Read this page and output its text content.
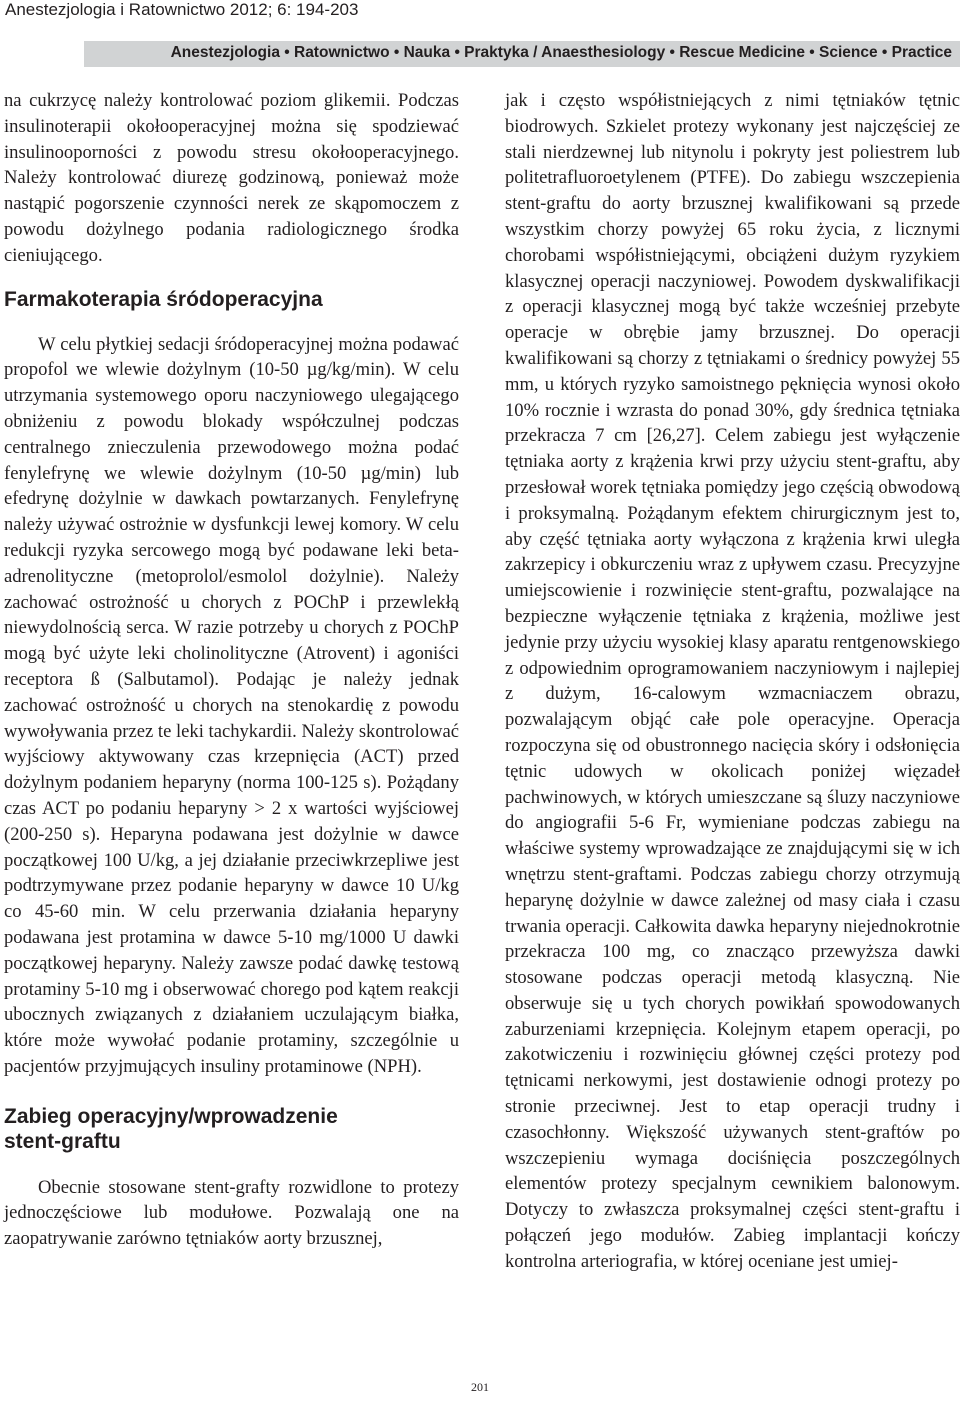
Anestezjologia i Ratownictwo 2012; 6: 194-203
Anestezjologia • Ratownictwo • Nauka • Praktyka / Anaesthesiology • Rescue Medicine • Science • Practice

na cukrzycę należy kontrolować poziom glikemii. Podczas insulinoterapii okołooperacyjnej można się spodziewać insulinooporności z powodu stresu okołooperacyjnego. Należy kontrolować diurezę godzinową, ponieważ może nastąpić pogorszenie czynności nerek ze skąpomoczem z powodu dożylnego podania radiologicznego środka cieniującego.

Farmakoterapia śródoperacyjna

W celu płytkiej sedacji śródoperacyjnej można podawać propofol we wlewie dożylnym (10-50 µg/kg/min). W celu utrzymania systemowego oporu naczyniowego ulegającego obniżeniu z powodu blokady współczulnej podczas centralnego znieczulenia przewodowego można podać fenylefrynę we wlewie dożylnym (10-50 µg/min) lub efedrynę dożylnie w dawkach powtarzanych. Fenylefrynę należy używać ostrożnie w dysfunkcji lewej komory. W celu redukcji ryzyka sercowego mogą być podawane leki beta-adrenolityczne (metoprolol/esmolol dożylnie). Należy zachować ostrożność u chorych z POChP i przewlekłą niewydolnością serca. W razie potrzeby u chorych z POChP mogą być użyte leki cholinolityczne (Atrovent) i agoniści receptora ß (Salbutamol). Podając je należy jednak zachować ostrożność u chorych na stenokardię z powodu wywoływania przez te leki tachykardii. Należy skontrolować wyjściowy aktywowany czas krzepnięcia (ACT) przed dożylnym podaniem heparyny (norma 100-125 s). Pożądany czas ACT po podaniu heparyny > 2 x wartości wyjściowej (200-250 s). Heparyna podawana jest dożylnie w dawce początkowej 100 U/kg, a jej działanie przeciwkrzepliwe jest podtrzymywane przez podanie heparyny w dawce 10 U/kg co 45-60 min. W celu przerwania działania heparyny podawana jest protamina w dawce 5-10 mg/1000 U dawki początkowej heparyny. Należy zawsze podać dawkę testową protaminy 5-10 mg i obserwować chorego pod kątem reakcji ubocznych związanych z działaniem uczulającym białka, które może wywołać podanie protaminy, szczególnie u pacjentów przyjmujących insuliny protaminowe (NPH).

Zabieg operacyjny/wprowadzenie
stent-graftu

Obecnie stosowane stent-grafty rozwidlone to protezy jednoczęściowe lub modułowe. Pozwalają one na zaopatrywanie zarówno tętniaków aorty brzusznej,

jak i często współistniejących z nimi tętniaków tętnic biodrowych. Szkielet protezy wykonany jest najczęściej ze stali nierdzewnej lub nitynolu i pokryty jest poliestrem lub politetrafluoroetylenem (PTFE). Do zabiegu wszczepienia stent-graftu do aorty brzusznej kwalifikowani są przede wszystkim chorzy powyżej 65 roku życia, z licznymi chorobami współistniejącymi, obciążeni dużym ryzykiem klasycznej operacji naczyniowej. Powodem dyskwalifikacji z operacji klasycznej mogą być także wcześniej przebyte operacje w obrębie jamy brzusznej. Do operacji kwalifikowani są chorzy z tętniakami o średnicy powyżej 55 mm, u których ryzyko samoistnego pęknięcia wynosi około 10% rocznie i wzrasta do ponad 30%, gdy średnica tętniaka przekracza 7 cm [26,27]. Celem zabiegu jest wyłączenie tętniaka aorty z krążenia krwi przy użyciu stent-graftu, aby przesłował worek tętniaka pomiędzy jego częścią obwodową i proksymalną. Pożądanym efektem chirurgicznym jest to, aby część tętniaka aorty wyłączona z krążenia krwi uległa zakrzepicy i obkurczeniu wraz z upływem czasu. Precyzyjne umiejscowienie i rozwinięcie stent-graftu, pozwalające na bezpieczne wyłączenie tętniaka z krążenia, możliwe jest jedynie przy użyciu wysokiej klasy aparatu rentgenowskiego z odpowiednim oprogramowaniem naczyniowym i najlepiej z dużym, 16-calowym wzmacniaczem obrazu, pozwalającym objąć całe pole operacyjne. Operacja rozpoczyna się od obustronnego nacięcia skóry i odsłonięcia tętnic udowych w okolicach poniżej więzadeł pachwinowych, w których umieszczane są śluzy naczyniowe do angiografii 5-6 Fr, wymieniane podczas zabiegu na właściwe systemy wprowadzające ze znajdującymi się w ich wnętrzu stent-graftami. Podczas zabiegu chorzy otrzymują heparynę dożylnie w dawce zależnej od masy ciała i czasu trwania operacji. Całkowita dawka heparyny niejednokrotnie przekracza 100 mg, co znacząco przewyższa dawki stosowane podczas operacji metodą klasyczną. Nie obserwuje się u tych chorych powikłań spowodowanych zaburzeniami krzepnięcia. Kolejnym etapem operacji, po zakotwiczeniu i rozwinięciu głównej części protezy pod tętnicami nerkowymi, jest dostawienie odnogi protezy po stronie przeciwnej. Jest to etap operacji trudny i czasochłonny. Większość używanych stent-graftów po wszczepieniu wymaga dociśnięcia poszczególnych elementów protezy specjalnym cewnikiem balonowym. Dotyczy to zwłaszcza proksymalnej części stent-graftu i połączeń jego modułów. Zabieg implantacji kończy kontrolna arteriografia, w której oceniane jest umiej-

201
